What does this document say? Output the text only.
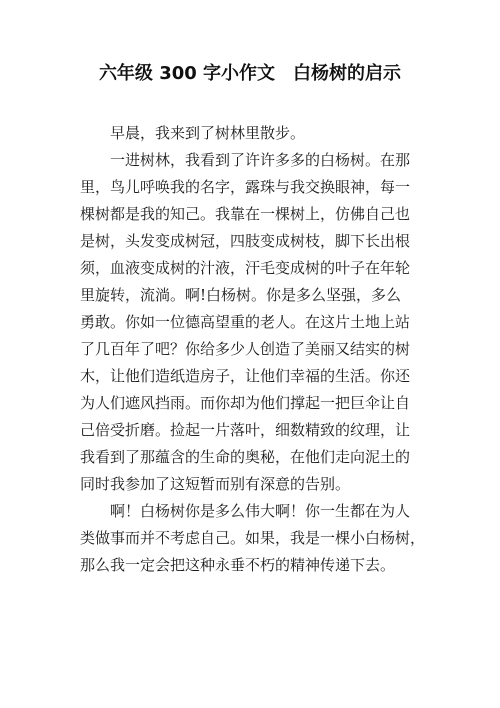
六年级 300 字小作文 白杨树的启示
早晨，我来到了树林里散步。
一进树林，我看到了许许多多的白杨树。在那
里，鸟儿呼唤我的名字，露珠与我交换眼神，每一
棵树都是我的知己。我靠在一棵树上，仿佛自己也
是树，头发变成树冠，四肢变成树枝，脚下长出根
须，血液变成树的汁液，汗毛变成树的叶子在年轮
里旋转，流淌。啊!白杨树。你是多么坚强，多么
勇敢。你如一位德高望重的老人。在这片土地上站
了几百年了吧？你给多少人创造了美丽又结实的树
木，让他们造纸造房子，让他们幸福的生活。你还
为人们遮风挡雨。而你却为他们撑起一把巨伞让自
己倍受折磨。捡起一片落叶，细数精致的纹理，让
我看到了那蕴含的生命的奥秘，在他们走向泥土的
同时我参加了这短暂而别有深意的告别。
啊！白杨树你是多么伟大啊！你一生都在为人
类做事而并不考虑自己。如果，我是一棵小白杨树，
那么我一定会把这种永垂不朽的精神传递下去。
